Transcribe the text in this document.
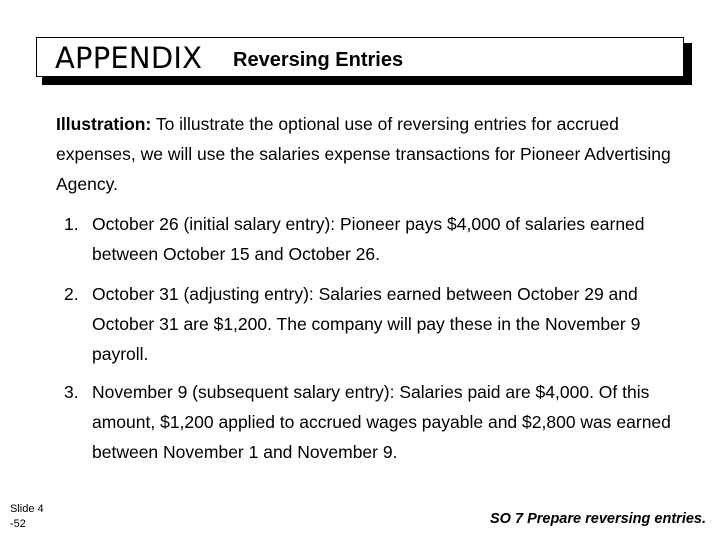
APPENDIX Reversing Entries
Illustration: To illustrate the optional use of reversing entries for accrued expenses, we will use the salaries expense transactions for Pioneer Advertising Agency.
1. October 26 (initial salary entry): Pioneer pays $4,000 of salaries earned between October 15 and October 26.
2. October 31 (adjusting entry): Salaries earned between October 29 and October 31 are $1,200. The company will pay these in the November 9 payroll.
3. November 9 (subsequent salary entry): Salaries paid are $4,000. Of this amount, $1,200 applied to accrued wages payable and $2,800 was earned between November 1 and November 9.
Slide 4
-52	SO 7 Prepare reversing entries.
